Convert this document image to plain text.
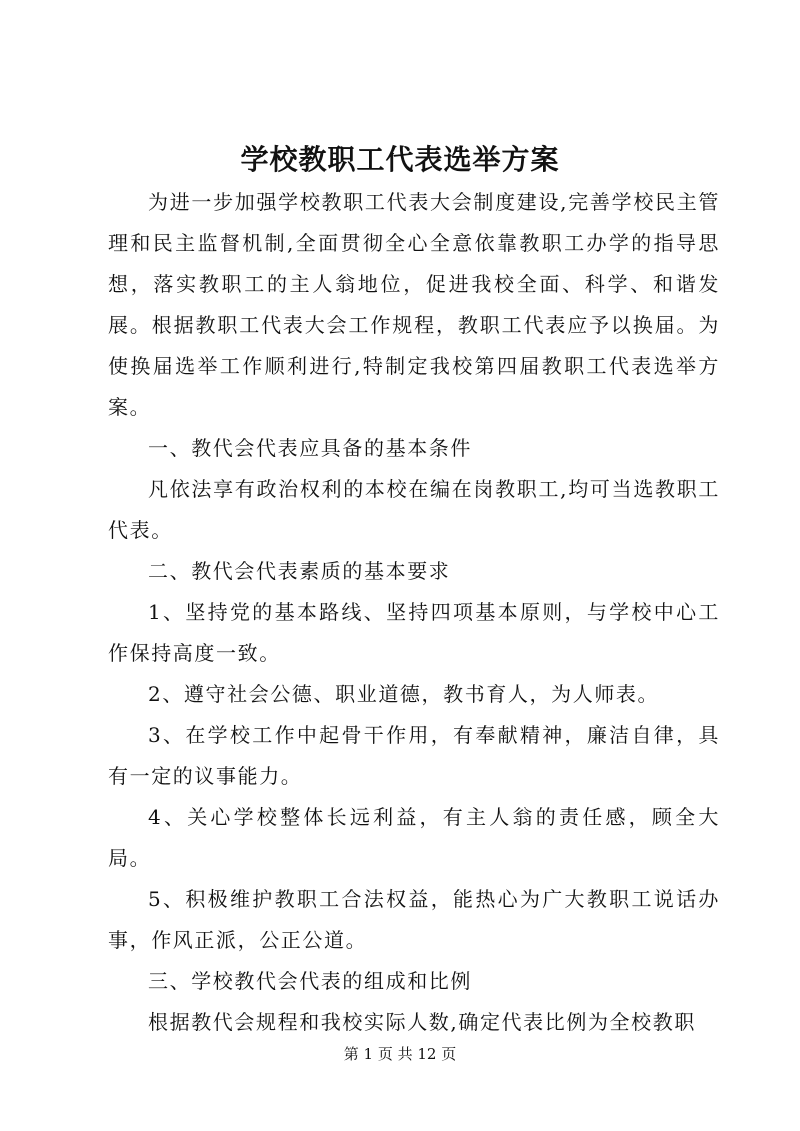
学校教职工代表选举方案

为进一步加强学校教职工代表大会制度建设,完善学校民主管理和民主监督机制,全面贯彻全心全意依靠教职工办学的指导思想，落实教职工的主人翁地位，促进我校全面、科学、和谐发展。根据教职工代表大会工作规程，教职工代表应予以换届。为使换届选举工作顺利进行,特制定我校第四届教职工代表选举方案。

一、教代会代表应具备的基本条件

凡依法享有政治权利的本校在编在岗教职工,均可当选教职工代表。

二、教代会代表素质的基本要求

1、坚持党的基本路线、坚持四项基本原则，与学校中心工作保持高度一致。

2、遵守社会公德、职业道德，教书育人，为人师表。

3、在学校工作中起骨干作用，有奉献精神，廉洁自律，具有一定的议事能力。

4、关心学校整体长远利益，有主人翁的责任感，顾全大局。

5、积极维护教职工合法权益，能热心为广大教职工说话办事，作风正派，公正公道。

三、学校教代会代表的组成和比例

根据教代会规程和我校实际人数,确定代表比例为全校教职

第 1 页 共 12 页
